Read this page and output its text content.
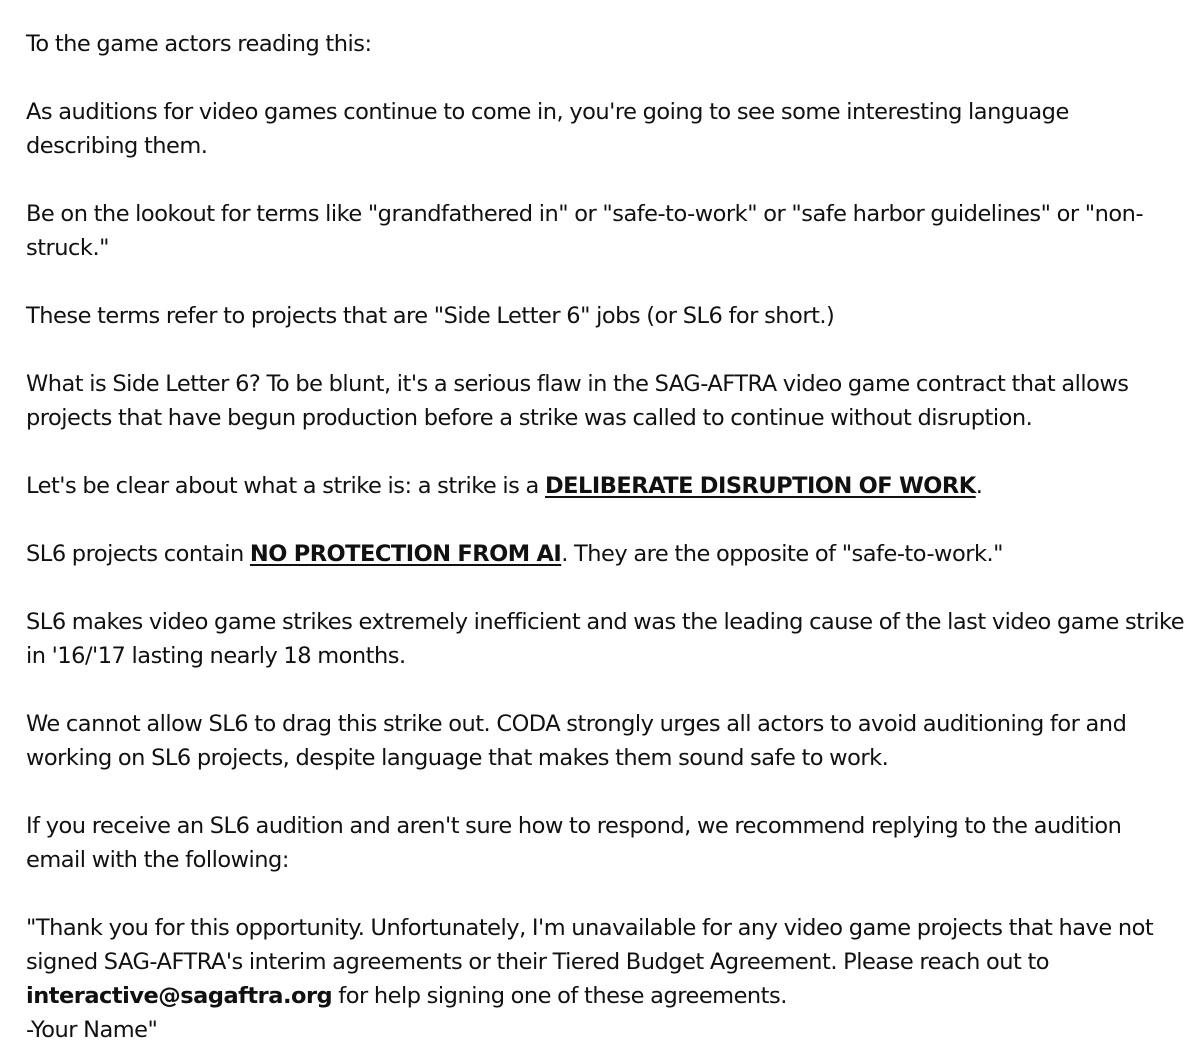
To the game actors reading this:

As auditions for video games continue to come in, you're going to see some interesting language describing them.

Be on the lookout for terms like "grandfathered in" or "safe-to-work" or "safe harbor guidelines" or "non-struck."

These terms refer to projects that are "Side Letter 6" jobs (or SL6 for short.)

What is Side Letter 6? To be blunt, it's a serious flaw in the SAG-AFTRA video game contract that allows projects that have begun production before a strike was called to continue without disruption.

Let's be clear about what a strike is: a strike is a DELIBERATE DISRUPTION OF WORK.

SL6 projects contain NO PROTECTION FROM AI. They are the opposite of "safe-to-work."

SL6 makes video game strikes extremely inefficient and was the leading cause of the last video game strike in '16/'17 lasting nearly 18 months.

We cannot allow SL6 to drag this strike out. CODA strongly urges all actors to avoid auditioning for and working on SL6 projects, despite language that makes them sound safe to work.

If you receive an SL6 audition and aren't sure how to respond, we recommend replying to the audition email with the following:

"Thank you for this opportunity. Unfortunately, I'm unavailable for any video game projects that have not signed SAG-AFTRA's interim agreements or their Tiered Budget Agreement. Please reach out to interactive@sagaftra.org for help signing one of these agreements.
-Your Name"
